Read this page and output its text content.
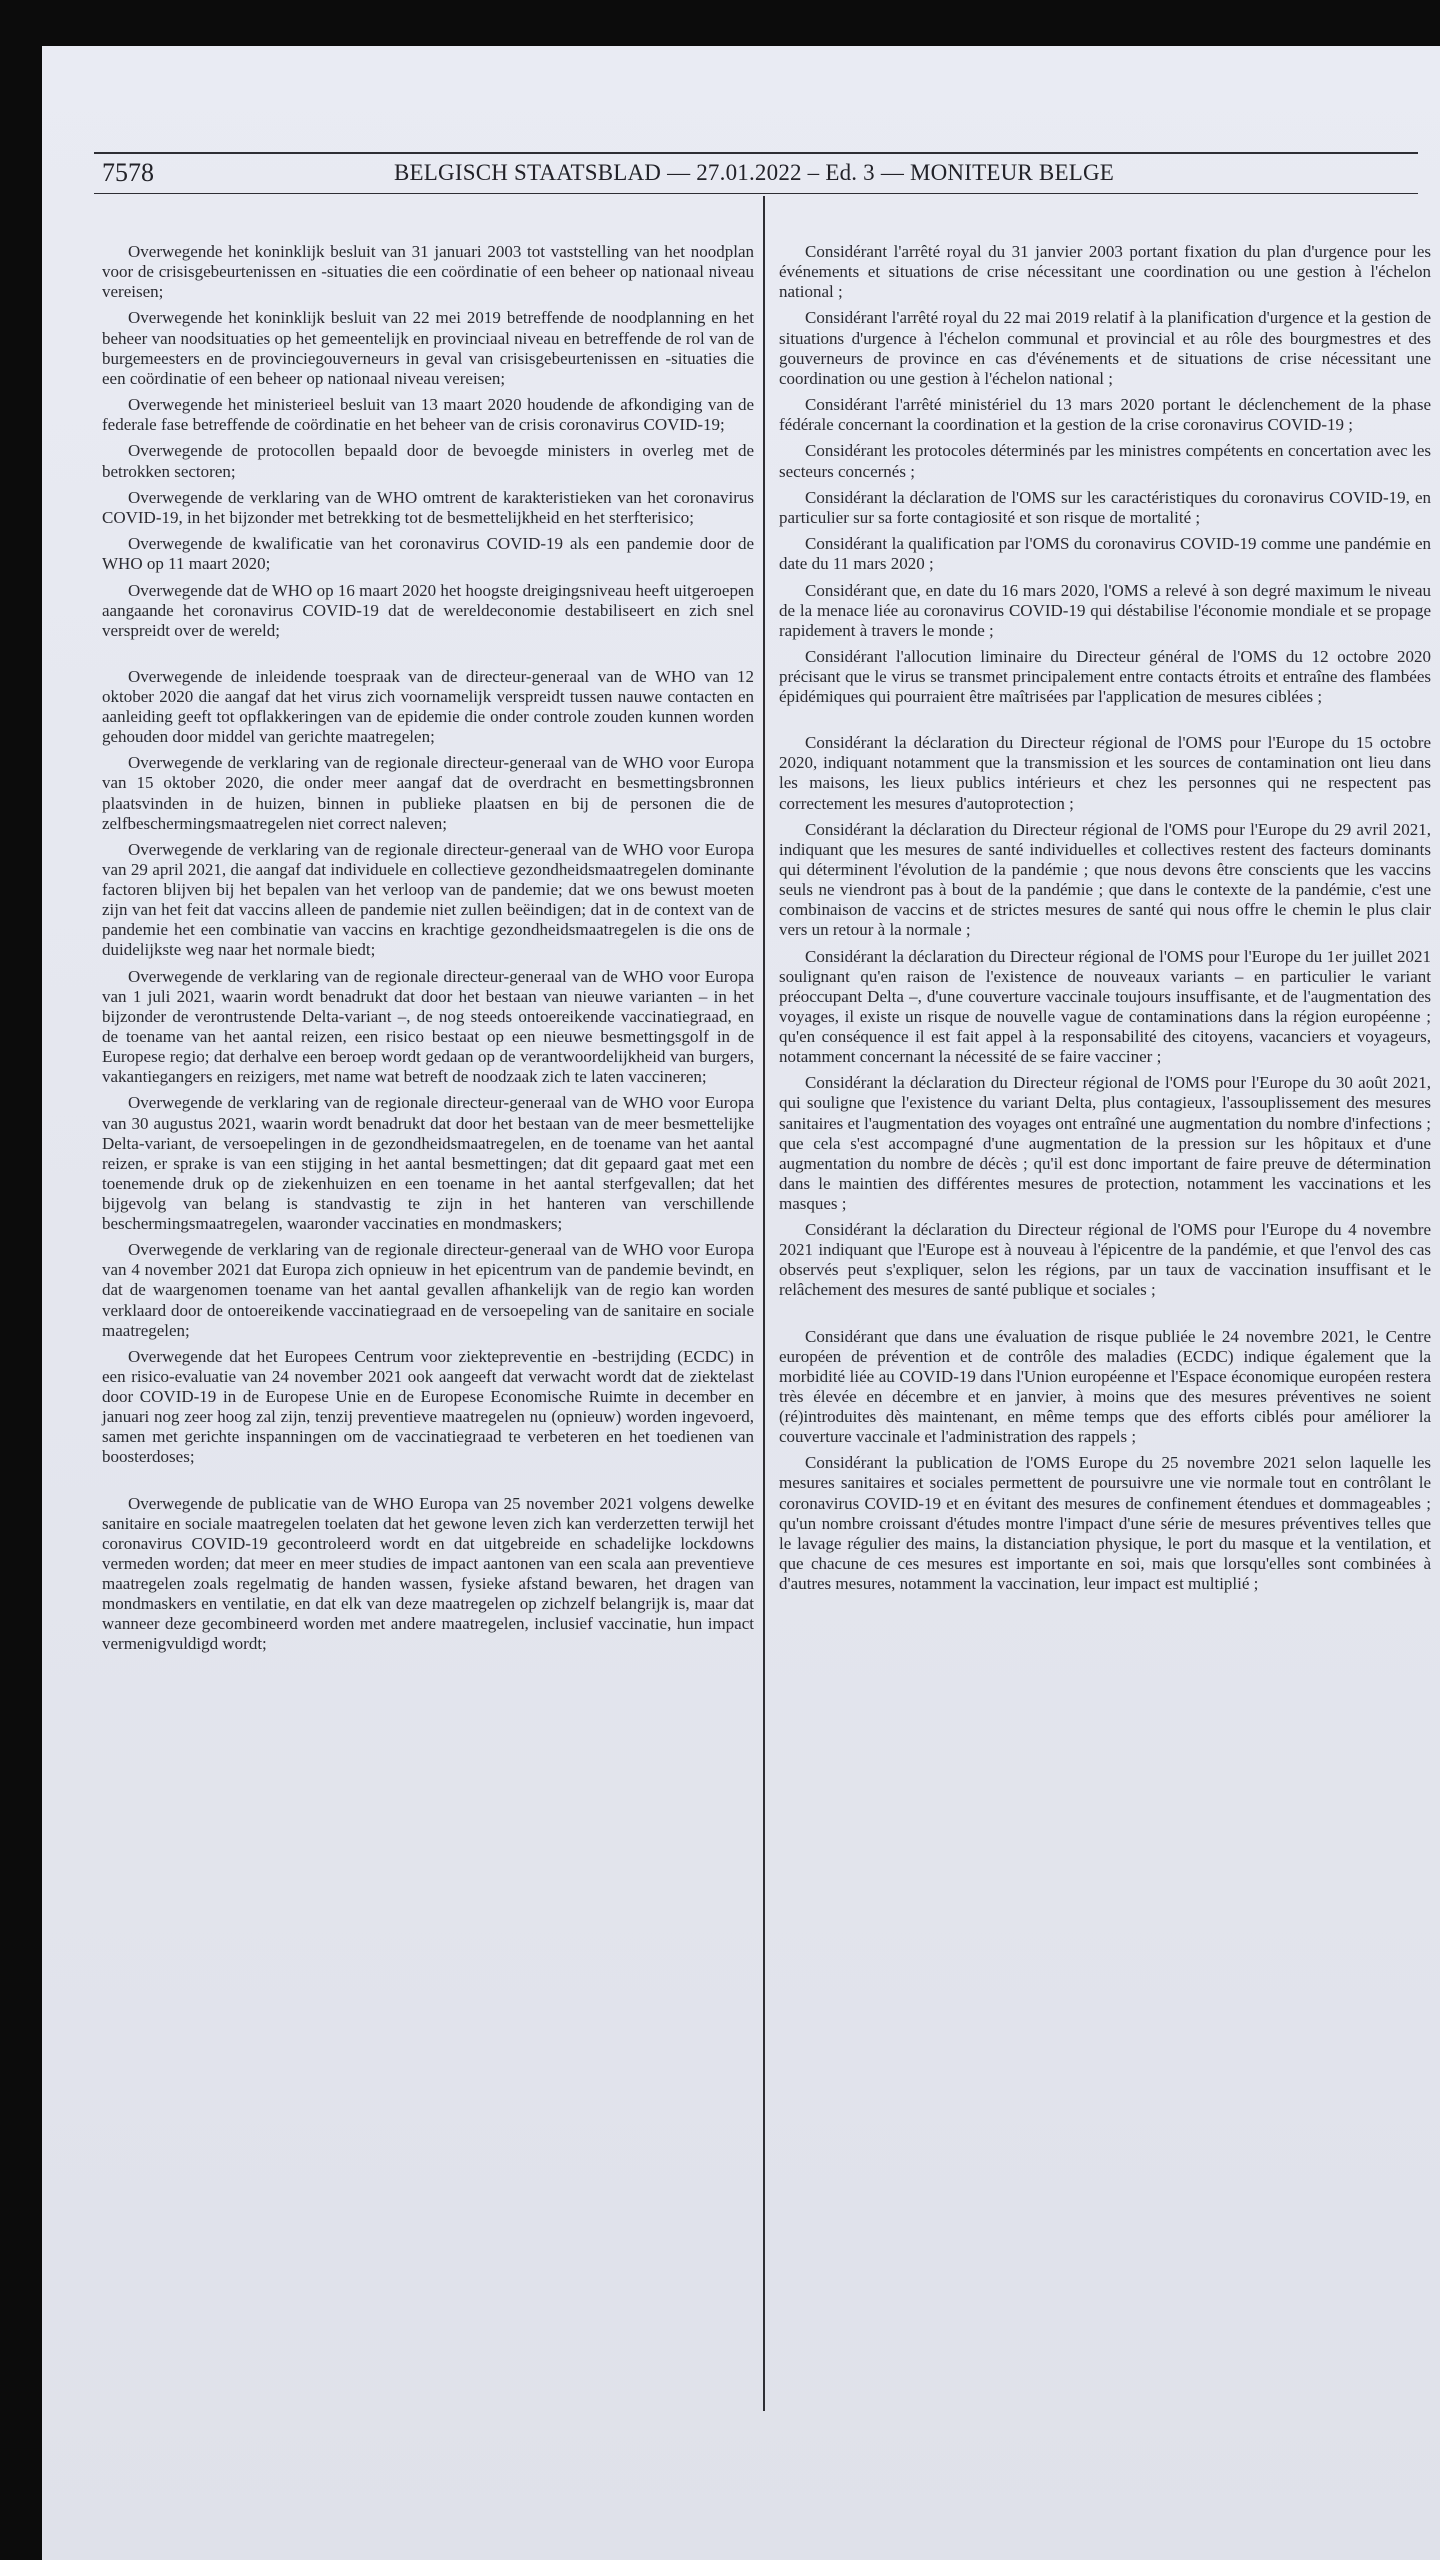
7578	BELGISCH STAATSBLAD — 27.01.2022 – Ed. 3 — MONITEUR BELGE

Overwegende het koninklijk besluit van 31 januari 2003 tot vaststelling van het noodplan voor de crisisgebeurtenissen en -situaties die een coördinatie of een beheer op nationaal niveau vereisen;

Overwegende het koninklijk besluit van 22 mei 2019 betreffende de noodplanning en het beheer van noodsituaties op het gemeentelijk en provinciaal niveau en betreffende de rol van de burgemeesters en de provinciegouverneurs in geval van crisisgebeurtenissen en -situaties die een coördinatie of een beheer op nationaal niveau vereisen;

Overwegende het ministerieel besluit van 13 maart 2020 houdende de afkondiging van de federale fase betreffende de coördinatie en het beheer van de crisis coronavirus COVID-19;

Overwegende de protocollen bepaald door de bevoegde ministers in overleg met de betrokken sectoren;

Overwegende de verklaring van de WHO omtrent de karakteristieken van het coronavirus COVID-19, in het bijzonder met betrekking tot de besmettelijkheid en het sterfterisico;

Overwegende de kwalificatie van het coronavirus COVID-19 als een pandemie door de WHO op 11 maart 2020;

Overwegende dat de WHO op 16 maart 2020 het hoogste dreigingsniveau heeft uitgeroepen aangaande het coronavirus COVID-19 dat de wereldeconomie destabiliseert en zich snel verspreidt over de wereld;

Overwegende de inleidende toespraak van de directeur-generaal van de WHO van 12 oktober 2020 die aangaf dat het virus zich voornamelijk verspreidt tussen nauwe contacten en aanleiding geeft tot opflakkeringen van de epidemie die onder controle zouden kunnen worden gehouden door middel van gerichte maatregelen;

Overwegende de verklaring van de regionale directeur-generaal van de WHO voor Europa van 15 oktober 2020, die onder meer aangaf dat de overdracht en besmettingsbronnen plaatsvinden in de huizen, binnen in publieke plaatsen en bij de personen die de zelfbeschermingsmaatregelen niet correct naleven;

Overwegende de verklaring van de regionale directeur-generaal van de WHO voor Europa van 29 april 2021, die aangaf dat individuele en collectieve gezondheidsmaatregelen dominante factoren blijven bij het bepalen van het verloop van de pandemie; dat we ons bewust moeten zijn van het feit dat vaccins alleen de pandemie niet zullen beëindigen; dat in de context van de pandemie het een combinatie van vaccins en krachtige gezondheidsmaatregelen is die ons de duidelijkste weg naar het normale biedt;

Overwegende de verklaring van de regionale directeur-generaal van de WHO voor Europa van 1 juli 2021, waarin wordt benadrukt dat door het bestaan van nieuwe varianten – in het bijzonder de verontrustende Delta-variant –, de nog steeds ontoereikende vaccinatiegraad, en de toename van het aantal reizen, een risico bestaat op een nieuwe besmettingsgolf in de Europese regio; dat derhalve een beroep wordt gedaan op de verantwoordelijkheid van burgers, vakantiegangers en reizigers, met name wat betreft de noodzaak zich te laten vaccineren;

Overwegende de verklaring van de regionale directeur-generaal van de WHO voor Europa van 30 augustus 2021, waarin wordt benadrukt dat door het bestaan van de meer besmettelijke Delta-variant, de versoepelingen in de gezondheidsmaatregelen, en de toename van het aantal reizen, er sprake is van een stijging in het aantal besmettingen; dat dit gepaard gaat met een toenemende druk op de ziekenhuizen en een toename in het aantal sterfgevallen; dat het bijgevolg van belang is standvastig te zijn in het hanteren van verschillende beschermingsmaatregelen, waaronder vaccinaties en mondmaskers;

Overwegende de verklaring van de regionale directeur-generaal van de WHO voor Europa van 4 november 2021 dat Europa zich opnieuw in het epicentrum van de pandemie bevindt, en dat de waargenomen toename van het aantal gevallen afhankelijk van de regio kan worden verklaard door de ontoereikende vaccinatiegraad en de versoepeling van de sanitaire en sociale maatregelen;

Overwegende dat het Europees Centrum voor ziektepreventie en -bestrijding (ECDC) in een risico-evaluatie van 24 november 2021 ook aangeeft dat verwacht wordt dat de ziektelast door COVID-19 in de Europese Unie en de Europese Economische Ruimte in december en januari nog zeer hoog zal zijn, tenzij preventieve maatregelen nu (opnieuw) worden ingevoerd, samen met gerichte inspanningen om de vaccinatiegraad te verbeteren en het toedienen van boosterdoses;

Overwegende de publicatie van de WHO Europa van 25 november 2021 volgens dewelke sanitaire en sociale maatregelen toelaten dat het gewone leven zich kan verderzetten terwijl het coronavirus COVID-19 gecontroleerd wordt en dat uitgebreide en schadelijke lockdowns vermeden worden; dat meer en meer studies de impact aantonen van een scala aan preventieve maatregelen zoals regelmatig de handen wassen, fysieke afstand bewaren, het dragen van mondmaskers en ventilatie, en dat elk van deze maatregelen op zichzelf belangrijk is, maar dat wanneer deze gecombineerd worden met andere maatregelen, inclusief vaccinatie, hun impact vermenigvuldigd wordt;

Considérant l'arrêté royal du 31 janvier 2003 portant fixation du plan d'urgence pour les événements et situations de crise nécessitant une coordination ou une gestion à l'échelon national ;

Considérant l'arrêté royal du 22 mai 2019 relatif à la planification d'urgence et la gestion de situations d'urgence à l'échelon communal et provincial et au rôle des bourgmestres et des gouverneurs de province en cas d'événements et de situations de crise nécessitant une coordination ou une gestion à l'échelon national ;

Considérant l'arrêté ministériel du 13 mars 2020 portant le déclenchement de la phase fédérale concernant la coordination et la gestion de la crise coronavirus COVID-19 ;

Considérant les protocoles déterminés par les ministres compétents en concertation avec les secteurs concernés ;

Considérant la déclaration de l'OMS sur les caractéristiques du coronavirus COVID-19, en particulier sur sa forte contagiosité et son risque de mortalité ;

Considérant la qualification par l'OMS du coronavirus COVID-19 comme une pandémie en date du 11 mars 2020 ;

Considérant que, en date du 16 mars 2020, l'OMS a relevé à son degré maximum le niveau de la menace liée au coronavirus COVID-19 qui déstabilise l'économie mondiale et se propage rapidement à travers le monde ;

Considérant l'allocution liminaire du Directeur général de l'OMS du 12 octobre 2020 précisant que le virus se transmet principalement entre contacts étroits et entraîne des flambées épidémiques qui pourraient être maîtrisées par l'application de mesures ciblées ;

Considérant la déclaration du Directeur régional de l'OMS pour l'Europe du 15 octobre 2020, indiquant notamment que la transmission et les sources de contamination ont lieu dans les maisons, les lieux publics intérieurs et chez les personnes qui ne respectent pas correctement les mesures d'autoprotection ;

Considérant la déclaration du Directeur régional de l'OMS pour l'Europe du 29 avril 2021, indiquant que les mesures de santé individuelles et collectives restent des facteurs dominants qui déterminent l'évolution de la pandémie ; que nous devons être conscients que les vaccins seuls ne viendront pas à bout de la pandémie ; que dans le contexte de la pandémie, c'est une combinaison de vaccins et de strictes mesures de santé qui nous offre le chemin le plus clair vers un retour à la normale ;

Considérant la déclaration du Directeur régional de l'OMS pour l'Europe du 1er juillet 2021 soulignant qu'en raison de l'existence de nouveaux variants – en particulier le variant préoccupant Delta –, d'une couverture vaccinale toujours insuffisante, et de l'augmentation des voyages, il existe un risque de nouvelle vague de contaminations dans la région européenne ; qu'en conséquence il est fait appel à la responsabilité des citoyens, vacanciers et voyageurs, notamment concernant la nécessité de se faire vacciner ;

Considérant la déclaration du Directeur régional de l'OMS pour l'Europe du 30 août 2021, qui souligne que l'existence du variant Delta, plus contagieux, l'assouplissement des mesures sanitaires et l'augmentation des voyages ont entraîné une augmentation du nombre d'infections ; que cela s'est accompagné d'une augmentation de la pression sur les hôpitaux et d'une augmentation du nombre de décès ; qu'il est donc important de faire preuve de détermination dans le maintien des différentes mesures de protection, notamment les vaccinations et les masques ;

Considérant la déclaration du Directeur régional de l'OMS pour l'Europe du 4 novembre 2021 indiquant que l'Europe est à nouveau à l'épicentre de la pandémie, et que l'envol des cas observés peut s'expliquer, selon les régions, par un taux de vaccination insuffisant et le relâchement des mesures de santé publique et sociales ;

Considérant que dans une évaluation de risque publiée le 24 novembre 2021, le Centre européen de prévention et de contrôle des maladies (ECDC) indique également que la morbidité liée au COVID-19 dans l'Union européenne et l'Espace économique européen restera très élevée en décembre et en janvier, à moins que des mesures préventives ne soient (ré)introduites dès maintenant, en même temps que des efforts ciblés pour améliorer la couverture vaccinale et l'administration des rappels ;

Considérant la publication de l'OMS Europe du 25 novembre 2021 selon laquelle les mesures sanitaires et sociales permettent de poursuivre une vie normale tout en contrôlant le coronavirus COVID-19 et en évitant des mesures de confinement étendues et dommageables ; qu'un nombre croissant d'études montre l'impact d'une série de mesures préventives telles que le lavage régulier des mains, la distanciation physique, le port du masque et la ventilation, et que chacune de ces mesures est importante en soi, mais que lorsqu'elles sont combinées à d'autres mesures, notamment la vaccination, leur impact est multiplié ;
